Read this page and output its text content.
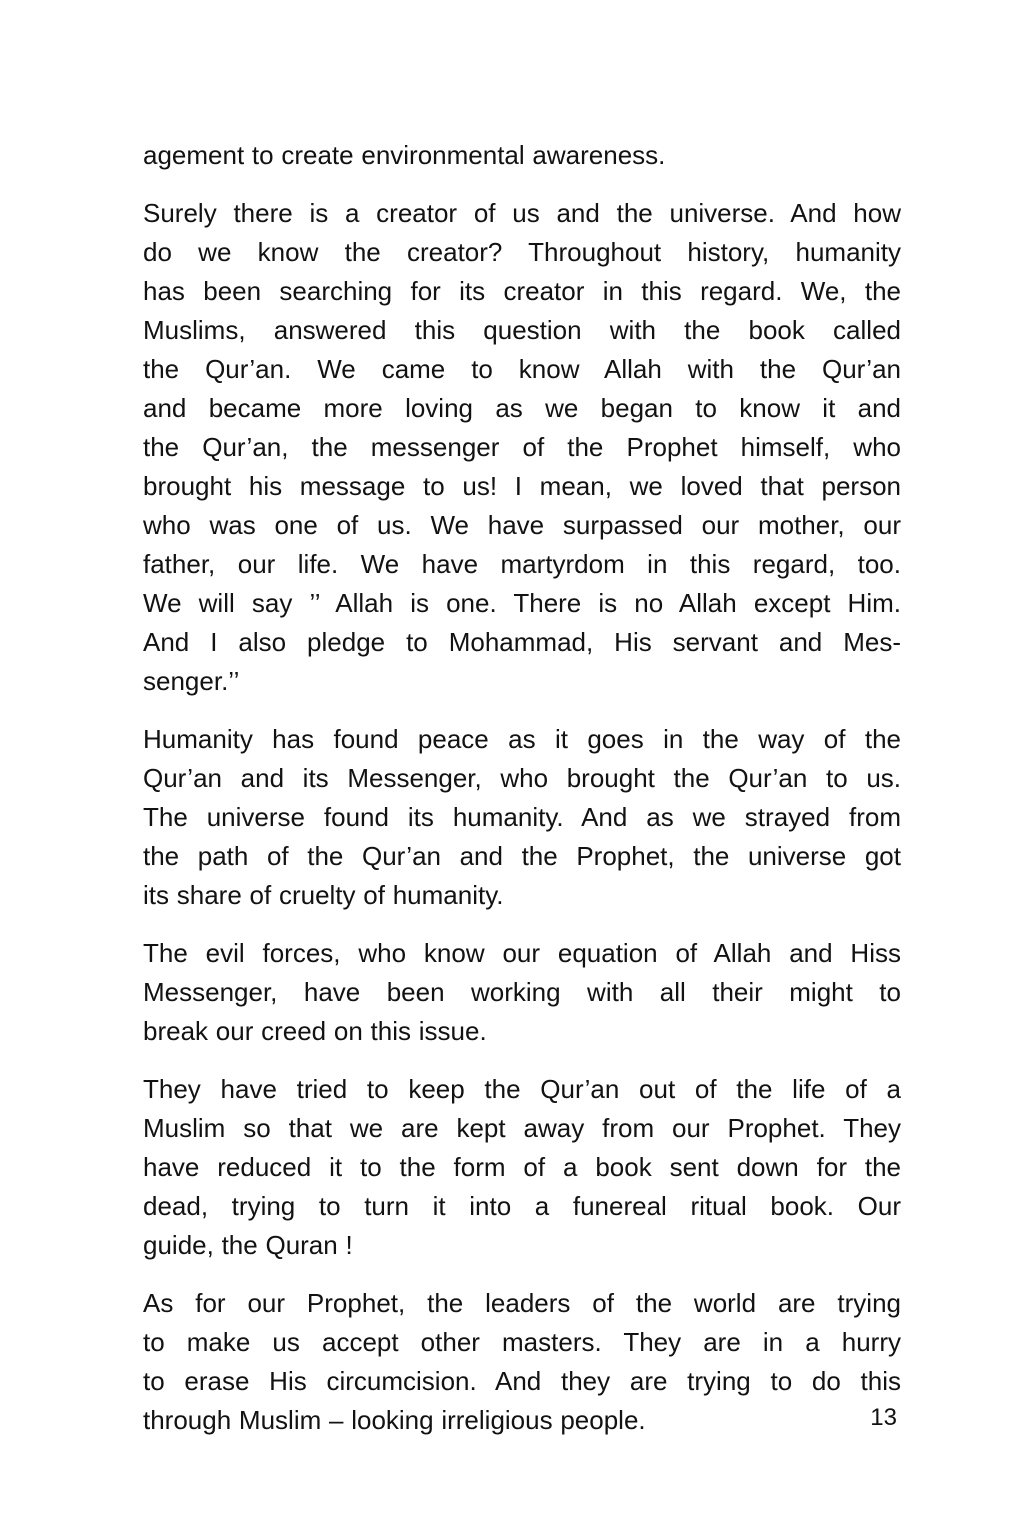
agement to create environmental awareness.
Surely there is a creator of us and the universe. And how
do we know the creator? Throughout history, humanity
has been searching for its creator in this regard. We, the
Muslims, answered this question with the book called
the Qur’an. We came to know Allah with the Qur’an
and became more loving as we began to know it and
the Qur’an, the messenger of the Prophet himself, who
brought his message to us! I mean, we loved that person
who was one of us. We have surpassed our mother, our
father, our life. We have martyrdom in this regard, too.
We will say ’’ Allah is one. There is no Allah except Him.
And I also pledge to Mohammad, His servant and Mes-
senger.’’
Humanity has found peace as it goes in the way of the
Qur’an and its Messenger, who brought the Qur’an to us.
The universe found its humanity. And as we strayed from
the path of the Qur’an and the Prophet, the universe got
its share of cruelty of humanity.
The evil forces, who know our equation of Allah and Hiss
Messenger, have been working with all their might to
break our creed on this issue.
They have tried to keep the Qur’an out of the life of a
Muslim so that we are kept away from our Prophet. They
have reduced it to the form of a book sent down for the
dead, trying to turn it into a funereal ritual book. Our
guide, the Quran !
As for our Prophet, the leaders of the world are trying
to make us accept other masters. They are in a hurry
to erase His circumcision. And they are trying to do this
through Muslim – looking irreligious people.	13
